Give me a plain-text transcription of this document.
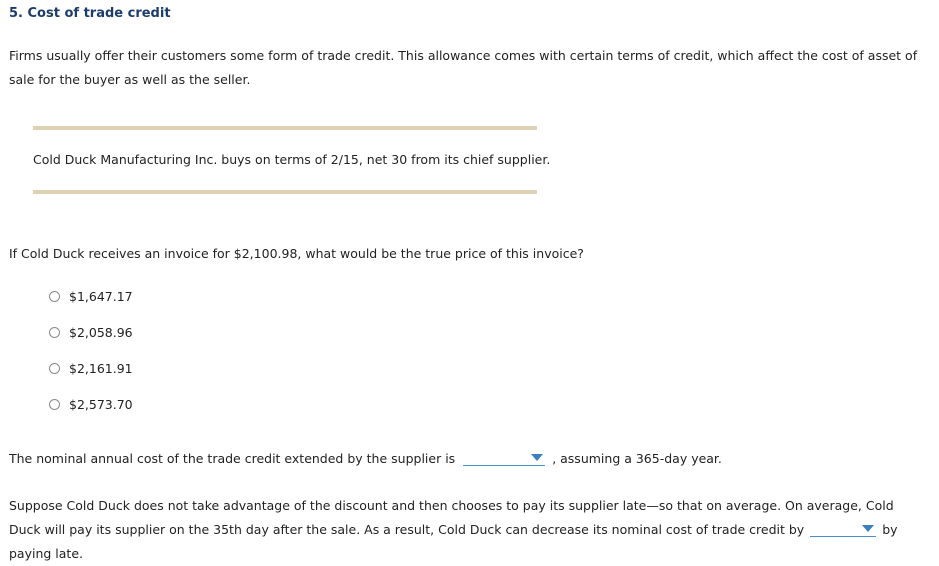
5. Cost of trade credit
Firms usually offer their customers some form of trade credit. This allowance comes with certain terms of credit, which affect the cost of asset of sale for the buyer as well as the seller.
Cold Duck Manufacturing Inc. buys on terms of 2/15, net 30 from its chief supplier.
If Cold Duck receives an invoice for $2,100.98, what would be the true price of this invoice?
$1,647.17
$2,058.96
$2,161.91
$2,573.70
The nominal annual cost of the trade credit extended by the supplier is	, assuming a 365-day year.
Suppose Cold Duck does not take advantage of the discount and then chooses to pay its supplier late—so that on average. On average, Cold Duck will pay its supplier on the 35th day after the sale. As a result, Cold Duck can decrease its nominal cost of trade credit by	by paying late.
